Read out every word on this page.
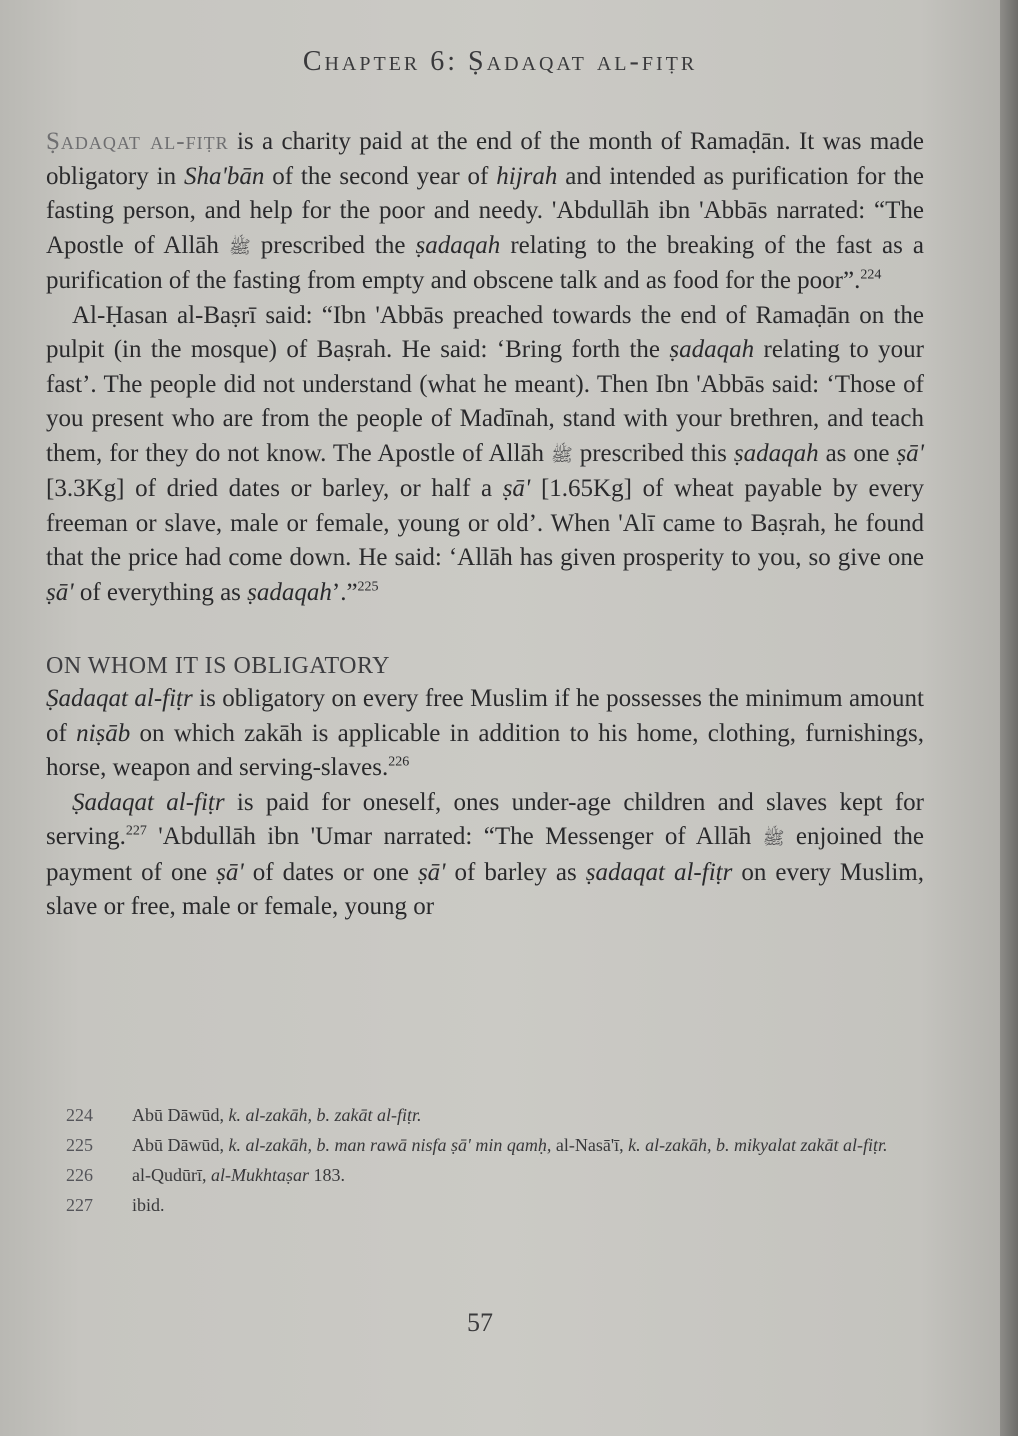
Chapter 6: Ṣadaqat al-fiṭr

Ṣadaqat al-fiṭr is a charity paid at the end of the month of Ramaḍān. It was made obligatory in Sha'bān of the second year of hijrah and intended as purification for the fasting person, and help for the poor and needy. 'Abdullāh ibn 'Abbās narrated: “The Apostle of Allāh ﷺ prescribed the ṣadaqah relating to the breaking of the fast as a purification of the fasting from empty and obscene talk and as food for the poor”.$^{224}$

Al-Ḥasan al-Baṣrī said: “Ibn 'Abbās preached towards the end of Ramaḍān on the pulpit (in the mosque) of Baṣrah. He said: ‘Bring forth the ṣadaqah relating to your fast’. The people did not understand (what he meant). Then Ibn 'Abbās said: ‘Those of you present who are from the people of Madīnah, stand with your brethren, and teach them, for they do not know. The Apostle of Allāh ﷺ prescribed this ṣadaqah as one ṣā' [3.3Kg] of dried dates or barley, or half a ṣā' [1.65Kg] of wheat payable by every freeman or slave, male or female, young or old’. When 'Alī came to Baṣrah, he found that the price had come down. He said: ‘Allāh has given prosperity to you, so give one ṣā' of everything as ṣadaqah’.”$^{225}$

ON WHOM IT IS OBLIGATORY

Ṣadaqat al-fiṭr is obligatory on every free Muslim if he possesses the minimum amount of niṣāb on which zakāh is applicable in addition to his home, clothing, furnishings, horse, weapon and serving-slaves.$^{226}$

Ṣadaqat al-fiṭr is paid for oneself, ones under-age children and slaves kept for serving.$^{227}$ 'Abdullāh ibn 'Umar narrated: “The Messenger of Allāh ﷺ enjoined the payment of one ṣā' of dates or one ṣā' of barley as ṣadaqat al-fiṭr on every Muslim, slave or free, male or female, young or

224 Abū Dāwūd, k. al-zakāh, b. zakāt al-fiṭr.
225 Abū Dāwūd, k. al-zakāh, b. man rawā nisfa ṣā' min qamḥ, al-Nasā'ī, k. al-zakāh, b. mikyalat zakāt al-fiṭr.
226 al-Qudūrī, al-Mukhtaṣar 183.
227 ibid.
57
